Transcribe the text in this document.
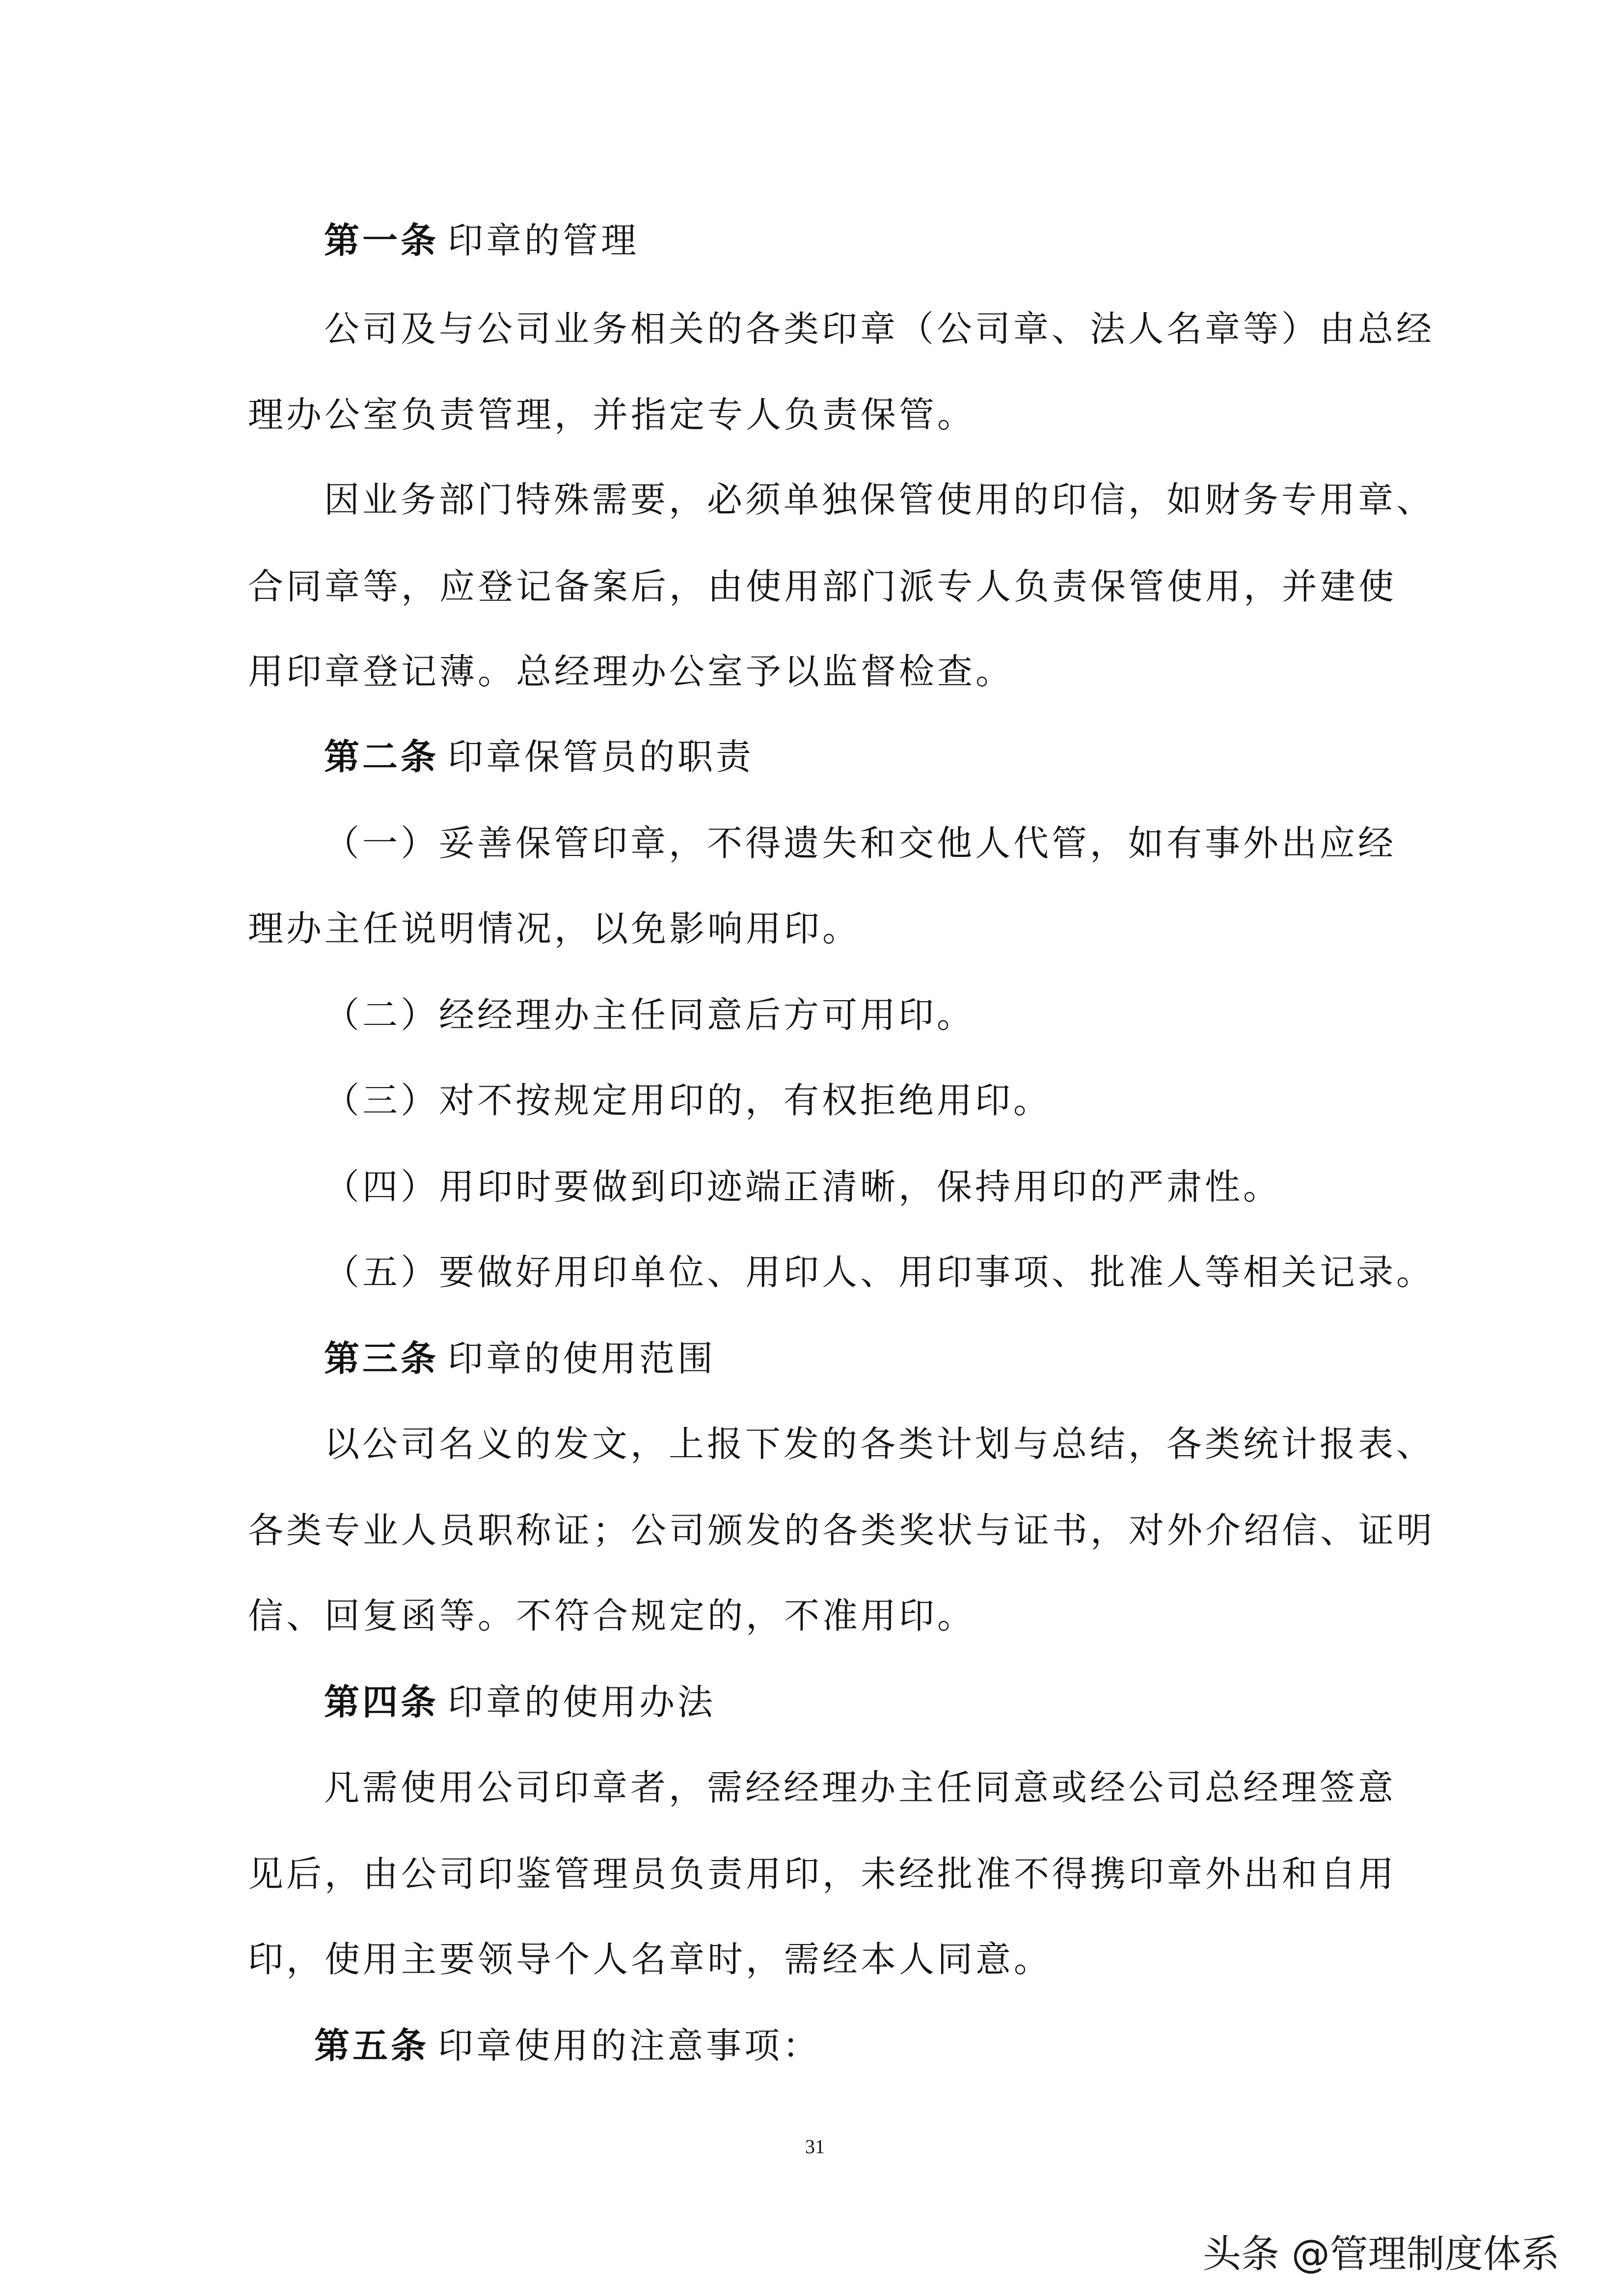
第一条 印章的管理
公司及与公司业务相关的各类印章（公司章、法人名章等）由总经
理办公室负责管理，并指定专人负责保管。
因业务部门特殊需要，必须单独保管使用的印信，如财务专用章、
合同章等，应登记备案后，由使用部门派专人负责保管使用，并建使
用印章登记薄。总经理办公室予以监督检查。
第二条 印章保管员的职责
（一）妥善保管印章，不得遗失和交他人代管，如有事外出应经
理办主任说明情况，以免影响用印。
（二）经经理办主任同意后方可用印。
（三）对不按规定用印的，有权拒绝用印。
（四）用印时要做到印迹端正清晰，保持用印的严肃性。
（五）要做好用印单位、用印人、用印事项、批准人等相关记录。
第三条 印章的使用范围
以公司名义的发文，上报下发的各类计划与总结，各类统计报表、
各类专业人员职称证；公司颁发的各类奖状与证书，对外介绍信、证明
信、回复函等。不符合规定的，不准用印。
第四条 印章的使用办法
凡需使用公司印章者，需经经理办主任同意或经公司总经理签意
见后，由公司印鉴管理员负责用印，未经批准不得携印章外出和自用
印，使用主要领导个人名章时，需经本人同意。
第五条 印章使用的注意事项：
31
头条 @管理制度体系
